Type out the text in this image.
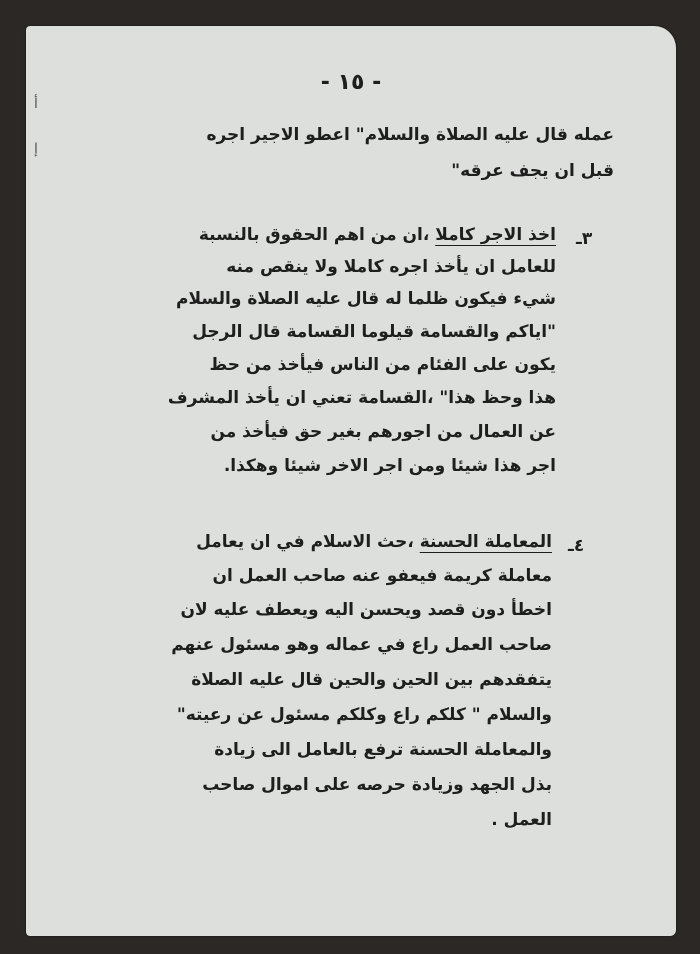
أ
إ
- ١٥ -
عمله قال عليه الصلاة والسلام" اعطو الاجير اجره
قبل ان يجف عرقه"
٣ـ
اخذ الاجر كاملا ،ان من اهم الحقوق بالنسبة
للعامل ان يأخذ اجره كاملا ولا ينقص منه
شيء فيكون ظلما له قال عليه الصلاة والسلام
"اياكم والقسامة قيلوما القسامة قال الرجل
يكون على الفئام من الناس فيأخذ من حظ
هذا وحظ هذا" ،القسامة تعني ان يأخذ المشرف
عن العمال من اجورهم بغير حق فيأخذ من
اجر هذا شيئا ومن اجر الاخر شيئا وهكذا.
٤ـ
المعاملة الحسنة ،حث الاسلام في ان يعامل
معاملة كريمة فيعفو عنه صاحب العمل ان
اخطأ دون قصد ويحسن اليه ويعطف عليه لان
صاحب العمل راع في عماله وهو مسئول عنهم
يتفقدهم بين الحين والحين قال عليه الصلاة
والسلام " كلكم راع وكلكم مسئول عن رعيته"
والمعاملة الحسنة ترفع بالعامل الى زيادة
بذل الجهد وزيادة حرصه على اموال صاحب
العمل .
